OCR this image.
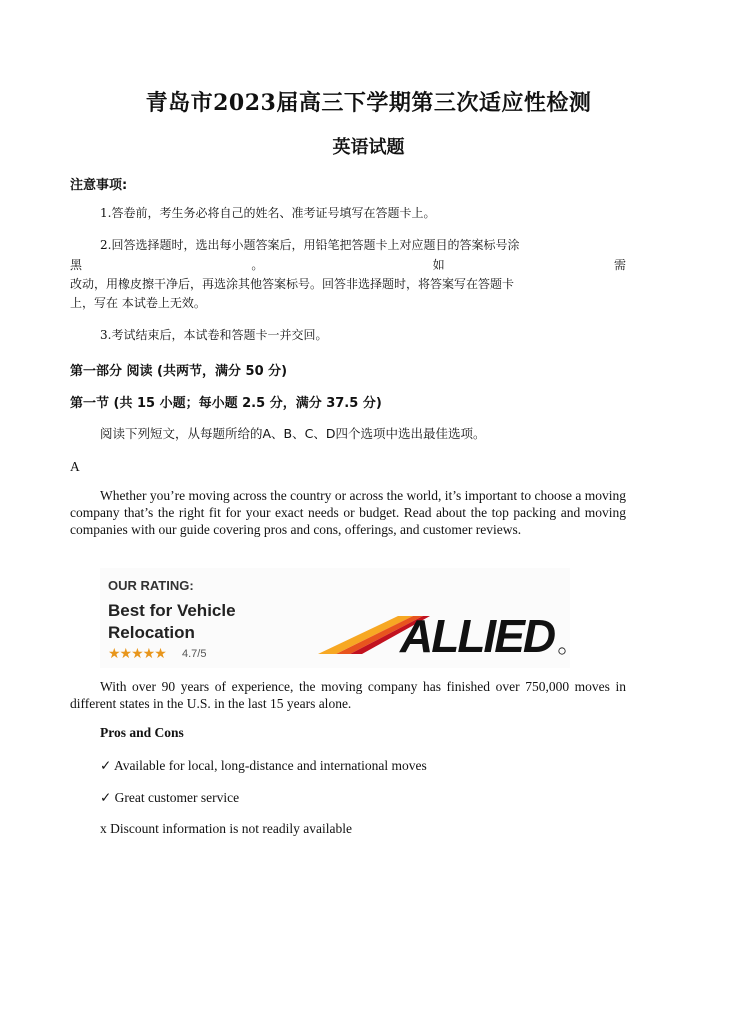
青岛市2023届高三下学期第三次适应性检测
英语试题
注意事项:
1.答卷前，考生务必将自己的姓名、准考证号填写在答题卡上。
2.回答选择题时，选出每小题答案后，用铅笔把答题卡上对应题目的答案标号涂
黑	。	如	需
改动，用橡皮擦干净后，再选涂其他答案标号。回答非选择题时，将答案写在答题卡
上，写在 本试卷上无效。
3.考试结束后，本试卷和答题卡一并交回。
第一部分 阅读 (共两节，满分 50 分)
第一节 (共 15 小题；每小题 2.5 分，满分 37.5 分)
阅读下列短文，从每题所给的A、B、C、D四个选项中选出最佳选项。
A
Whether you’re moving across the country or across the world, it’s important to choose a moving company that’s the right fit for your exact needs or budget. Read about the top packing and moving companies with our guide covering pros and cons, offerings, and customer reviews.
OUR RATING:
Best for Vehicle
Relocation
★★★★★ 4.7/5	ALLIED
With over 90 years of experience, the moving company has finished over 750,000 moves in different states in the U.S. in the last 15 years alone.
Pros and Cons
✓ Available for local, long-distance and international moves
✓ Great customer service
x Discount information is not readily available
